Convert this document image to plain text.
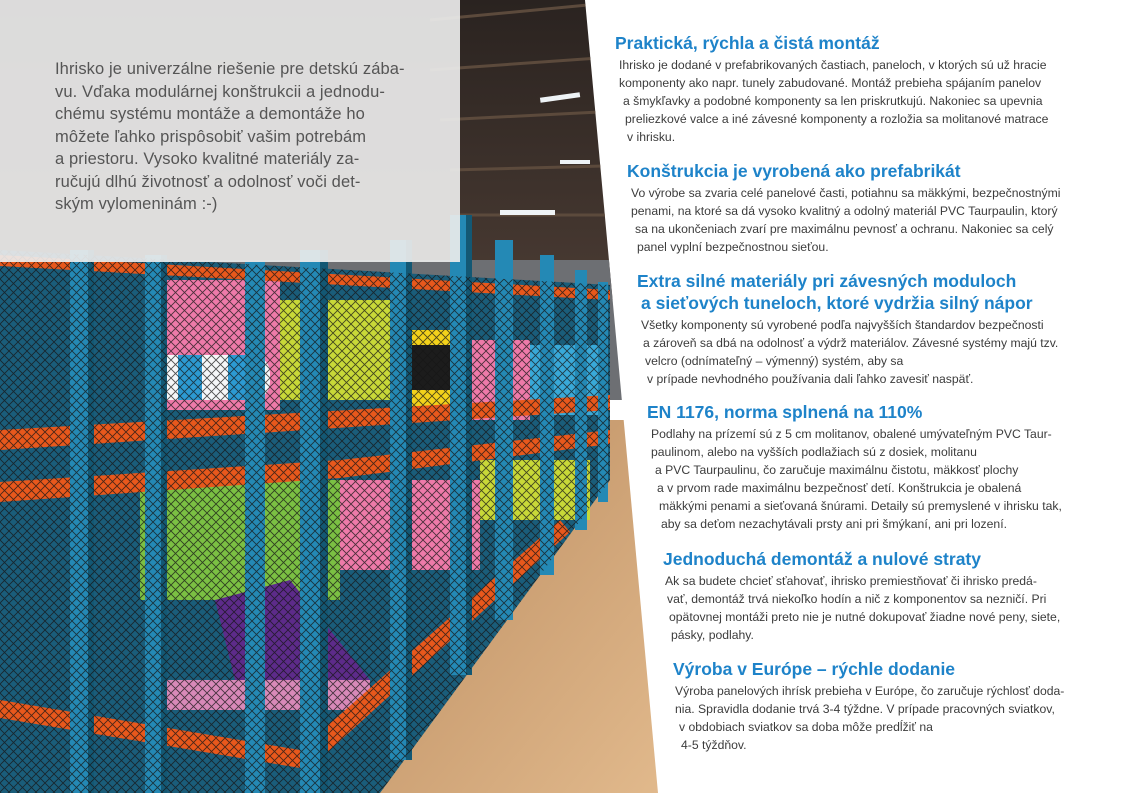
Ihrisko je univerzálne riešenie pre detskú zába-
vu. Vďaka modulárnej konštrukcii a jednodu-
chému systému montáže a demontáže ho
môžete ľahko prispôsobiť vašim potrebám
a priestoru. Vysoko kvalitné materiály za-
ručujú dlhú životnosť a odolnosť voči det-
ským vylomeninám :-)

Praktická, rýchla a čistá montáž
Ihrisko je dodané v prefabrikovaných častiach, paneloch, v ktorých sú už hracie
komponenty ako napr. tunely zabudované. Montáž prebieha spájaním panelov
a šmykľavky a podobné komponenty sa len priskrutkujú. Nakoniec sa upevnia
preliezkové valce a iné závesné komponenty a rozložia sa molitanové matrace
v ihrisku.
Konštrukcia je vyrobená ako prefabrikát
Vo výrobe sa zvaria celé panelové časti, potiahnu sa mäkkými, bezpečnostnými
penami, na ktoré sa dá vysoko kvalitný a odolný materiál PVC Taurpaulin, ktorý
sa na ukončeniach zvarí pre maximálnu pevnosť a ochranu. Nakoniec sa celý
panel vyplní bezpečnostnou sieťou.
Extra silné materiály pri závesných moduloch
a sieťových tuneloch, ktoré vydržia silný nápor
Všetky komponenty sú vyrobené podľa najvyšších štandardov bezpečnosti
a zároveň sa dbá na odolnosť a výdrž materiálov. Závesné systémy majú tzv.
velcro (odnímateľný – výmenný) systém, aby sa
v prípade nevhodného používania dali ľahko zavesiť naspäť.
EN 1176, norma splnená na 110%
Podlahy na prízemí sú z 5 cm molitanov, obalené umývateľným PVC Taur-
paulinom, alebo na vyšších podlažiach sú z dosiek, molitanu
a PVC Taurpaulinu, čo zaručuje maximálnu čistotu, mäkkosť plochy
a v prvom rade maximálnu bezpečnosť detí. Konštrukcia je obalená
mäkkými penami a sieťovaná šnúrami. Detaily sú premyslené v ihrisku tak,
aby sa deťom nezachytávali prsty ani pri šmýkaní, ani pri lození.
Jednoduchá demontáž a nulové straty
Ak sa budete chcieť sťahovať, ihrisko premiestňovať či ihrisko predá-
vať, demontáž trvá niekoľko hodín a nič z komponentov sa nezničí. Pri
opätovnej montáži preto nie je nutné dokupovať žiadne nové peny, siete,
pásky, podlahy.
Výroba v Európe – rýchle dodanie
Výroba panelových ihrísk prebieha v Európe, čo zaručuje rýchlosť doda-
nia. Spravidla dodanie trvá 3-4 týždne. V prípade pracovných sviatkov,
v obdobiach sviatkov sa doba môže predĺžiť na
4-5 týždňov.
